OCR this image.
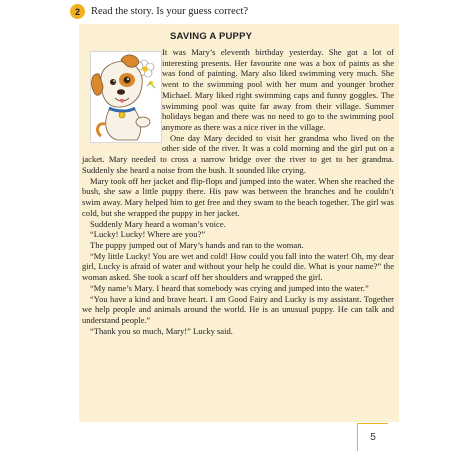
2	Read the story. Is your guess correct?
SAVING A PUPPY

It was Mary’s eleventh birthday yesterday. She got a lot of interesting presents. Her favourite one was a box of paints as she was fond of painting. Mary also liked swimming very much. She went to the swimming pool with her mum and younger brother Michael. Mary liked right swimming caps and funny goggles. The swimming pool was quite far away from their village. Summer holidays began and there was no need to go to the swimming pool anymore as there was a nice river in the village.

One day Mary decided to visit her grandma who lived on the other side of the river. It was a cold morning and the girl put on a jacket. Mary needed to cross a narrow bridge over the river to get to her grandma. Suddenly she heard a noise from the bush. It sounded like crying.

Mary took off her jacket and flip-flops and jumped into the water. When she reached the bush, she saw a little puppy there. His paw was between the branches and he couldn’t swim away. Mary helped him to get free and they swam to the beach together. The girl was cold, but she wrapped the puppy in her jacket.

Suddenly Mary heard a woman’s voice.

“Lucky! Lucky! Where are you?”

The puppy jumped out of Mary’s hands and ran to the woman.

“My little Lucky! You are wet and cold! How could you fall into the water! Oh, my dear girl, Lucky is afraid of water and without your help he could die. What is your name?” the woman asked. She took a scarf off her shoulders and wrapped the girl.

“My name’s Mary. I heard that somebody was crying and jumped into the water.”

“You have a kind and brave heart. I am Good Fairy and Lucky is my assistant. Together we help people and animals around the world. He is an unusual puppy. He can talk and understand people.”

“Thank you so much, Mary!” Lucky said.

5
